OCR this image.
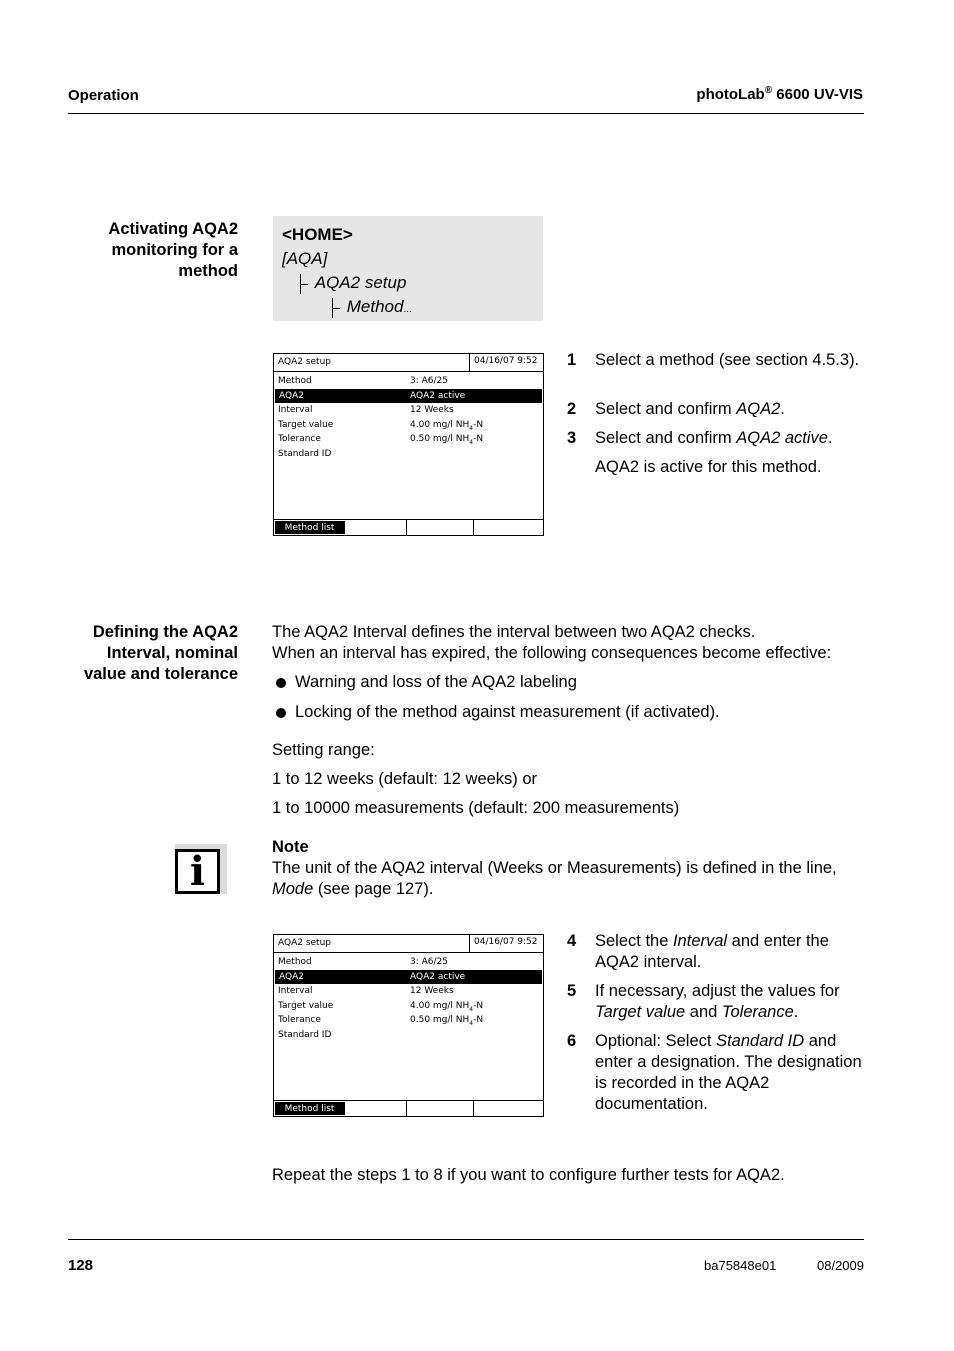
Operation	photoLab® 6600 UV-VIS
Activating AQA2
monitoring for a
method
<HOME>
[AQA]
AQA2 setup
Method...
AQA2 setup	04/16/07 9:52
Method	3: A6/25
AQA2	AQA2 active
Interval	12 Weeks
Target value	4.00 mg/l $NH_4-N$
Tolerance	0.50 mg/l $NH_4-N$
Standard ID
Method list
1 Select a method (see section 4.5.3).
2 Select and confirm AQA2.
3 Select and confirm AQA2 active.
AQA2 is active for this method.
Defining the AQA2
Interval, nominal
value and tolerance
The AQA2 Interval defines the interval between two AQA2 checks.
When an interval has expired, the following consequences become effective:
Warning and loss of the AQA2 labeling
Locking of the method against measurement (if activated).
Setting range:
1 to 12 weeks (default: 12 weeks) or
1 to 10000 measurements (default: 200 measurements)
i
Note
The unit of the AQA2 interval (Weeks or Measurements) is defined in the line,
Mode (see page 127).
AQA2 setup	04/16/07 9:52
Method	3: A6/25
AQA2	AQA2 active
Interval	12 Weeks
Target value	4.00 mg/l $NH_4-N$
Tolerance	0.50 mg/l $NH_4-N$
Standard ID
Method list
4 Select the Interval and enter the AQA2 interval.
5 If necessary, adjust the values for Target value and Tolerance.
6 Optional: Select Standard ID and enter a designation. The designation is recorded in the AQA2 documentation.
Repeat the steps 1 to 8 if you want to configure further tests for AQA2.
128	ba75848e01	08/2009
